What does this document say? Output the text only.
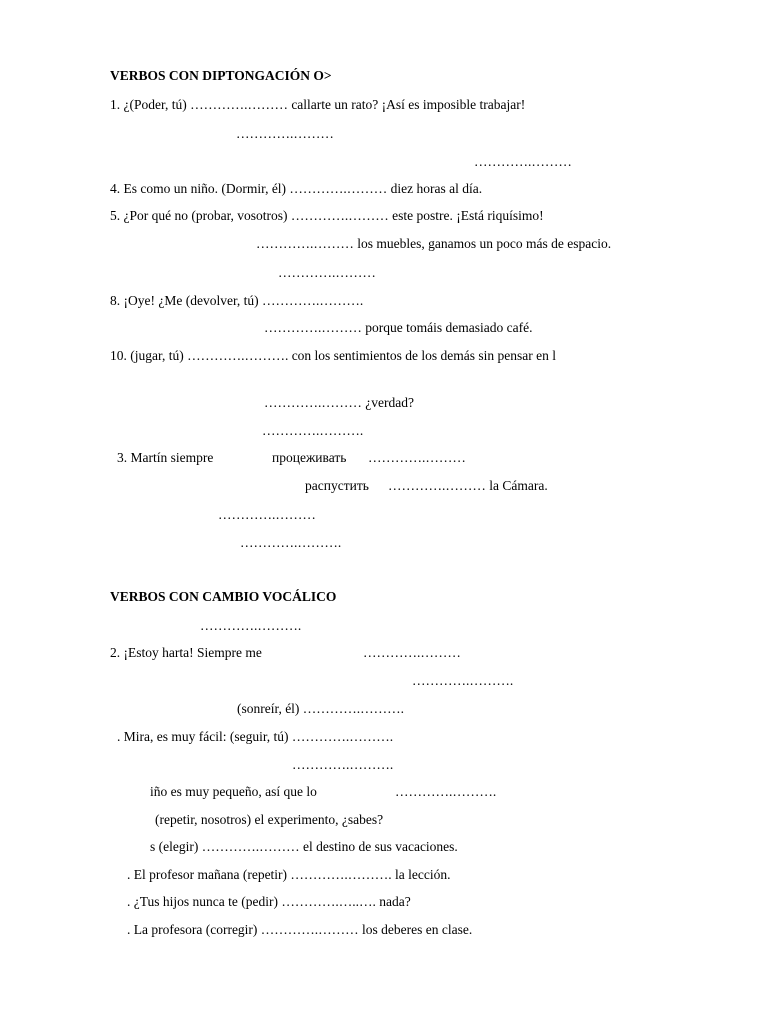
VERBOS CON DIPTONGACIÓN O>
1. ¿(Poder, tú) ………….……… callarte un rato? ¡Así es imposible trabajar!
………….………
………….………
4. Es como un niño. (Dormir, él) ………….……… diez horas al día.
5. ¿Por qué no (probar, vosotros) ………….……… este postre. ¡Está riquísimo!
………….……… los muebles, ganamos un poco más de espacio.
………….………
8. ¡Oye! ¿Me (devolver, tú) ………….……….
………….……… porque tomáis demasiado café.
10. (jugar, tú) ………….………. con los sentimientos de los demás sin pensar en l
………….……… ¿verdad?
………….……….
3. Martín siempre	процеживать ………….………
распустить ………….……… la Cámara.
………….………
………….……….
VERBOS CON CAMBIO VOCÁLICO
………….……….
2. ¡Estoy harta! Siempre me	………….………
………….……….
(sonreír, él) ………….……….
. Mira, es muy fácil: (seguir, tú) ………….……….
………….……….
iño es muy pequeño, así que lo	………….……….
(repetir, nosotros) el experimento, ¿sabes?
s (elegir) ………….……… el destino de sus vacaciones.
. El profesor mañana (repetir) ………….………. la lección.
. ¿Tus hijos nunca te (pedir) ………….…..…. nada?
. La profesora (corregir) ………….……… los deberes en clase.
